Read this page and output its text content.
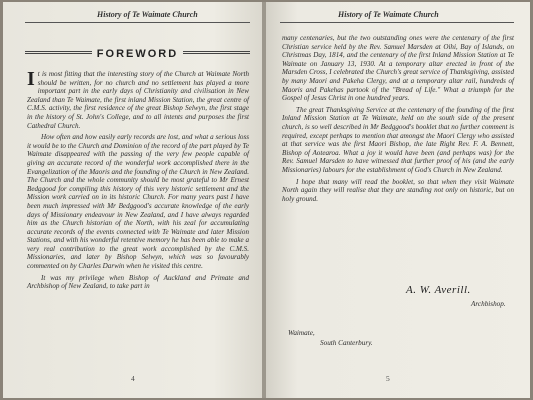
History of Te Waimate Church
FOREWORD

It is most fitting that the interesting story of the Church at Waimate North should be written, for no church and no settlement has played a more important part in the early days of Christianity and civilisation in New Zealand than Te Waimate, the first inland Mission Station, the great centre of C.M.S. activity, the first residence of the great Bishop Selwyn, the first stage in the history of St. John's College, and to all intents and purposes the first Cathedral Church.

How often and how easily early records are lost, and what a serious loss it would be to the Church and Dominion of the record of the part played by Te Waimate disappeared with the passing of the very few people capable of giving an accurate record of the wonderful work accomplished there in the Evangelization of the Maoris and the founding of the Church in New Zealand. The Church and the whole community should be most grateful to Mr Ernest Bedggood for compiling this history of this very historic settlement and the Mission work carried on in its historic Church. For many years past I have been much impressed with Mr Bedggood's accurate knowledge of the early days of Missionary endeavour in New Zealand, and I have always regarded him as the Church historian of the North, with his zeal for accumulating accurate records of the events connected with Te Waimate and later Mission Stations, and with his wonderful retentive memory he has been able to make a very real contribution to the great work accomplished by the C.M.S. Missionaries, and later by Bishop Selwyn, which was so favourably commented on by Charles Darwin when he visited this centre.

It was my privilege when Bishop of Auckland and Primate and Archbishop of New Zealand, to take part in

4
History of Te Waimate Church

many centenaries, but the two outstanding ones were the centenary of the first Christian service held by the Rev. Samuel Marsden at Oihi, Bay of Islands, on Christmas Day, 1814, and the centenary of the first Inland Mission Station at Te Waimate on January 13, 1930. At a temporary altar erected in front of the Marsden Cross, I celebrated the Church's great service of Thanksgiving, assisted by many Maori and Pakeha Clergy, and at a temporary altar rail, hundreds of Maoris and Pakehas partook of the "Bread of Life." What a triumph for the Gospel of Jesus Christ in one hundred years.

The great Thanksgiving Service at the centenary of the founding of the first Inland Mission Station at Te Waimate, held on the south side of the present church, is so well described in Mr Bedggood's booklet that no further comment is required, except perhaps to mention that amongst the Maori Clergy who assisted at that service was the first Maori Bishop, the late Right Rev. F. A. Bennett, Bishop of Aotearoa. What a joy it would have been (and perhaps was) for the Rev. Samuel Marsden to have witnessed that further proof of his (and the early Missionaries) labours for the establishment of God's Church in New Zealand.

I hope that many will read the booklet, so that when they visit Waimate North again they will realise that they are standing not only on historic, but on holy ground.

A. W. Averill.
Archbishop.
Waimate,
South Canterbury.
5
